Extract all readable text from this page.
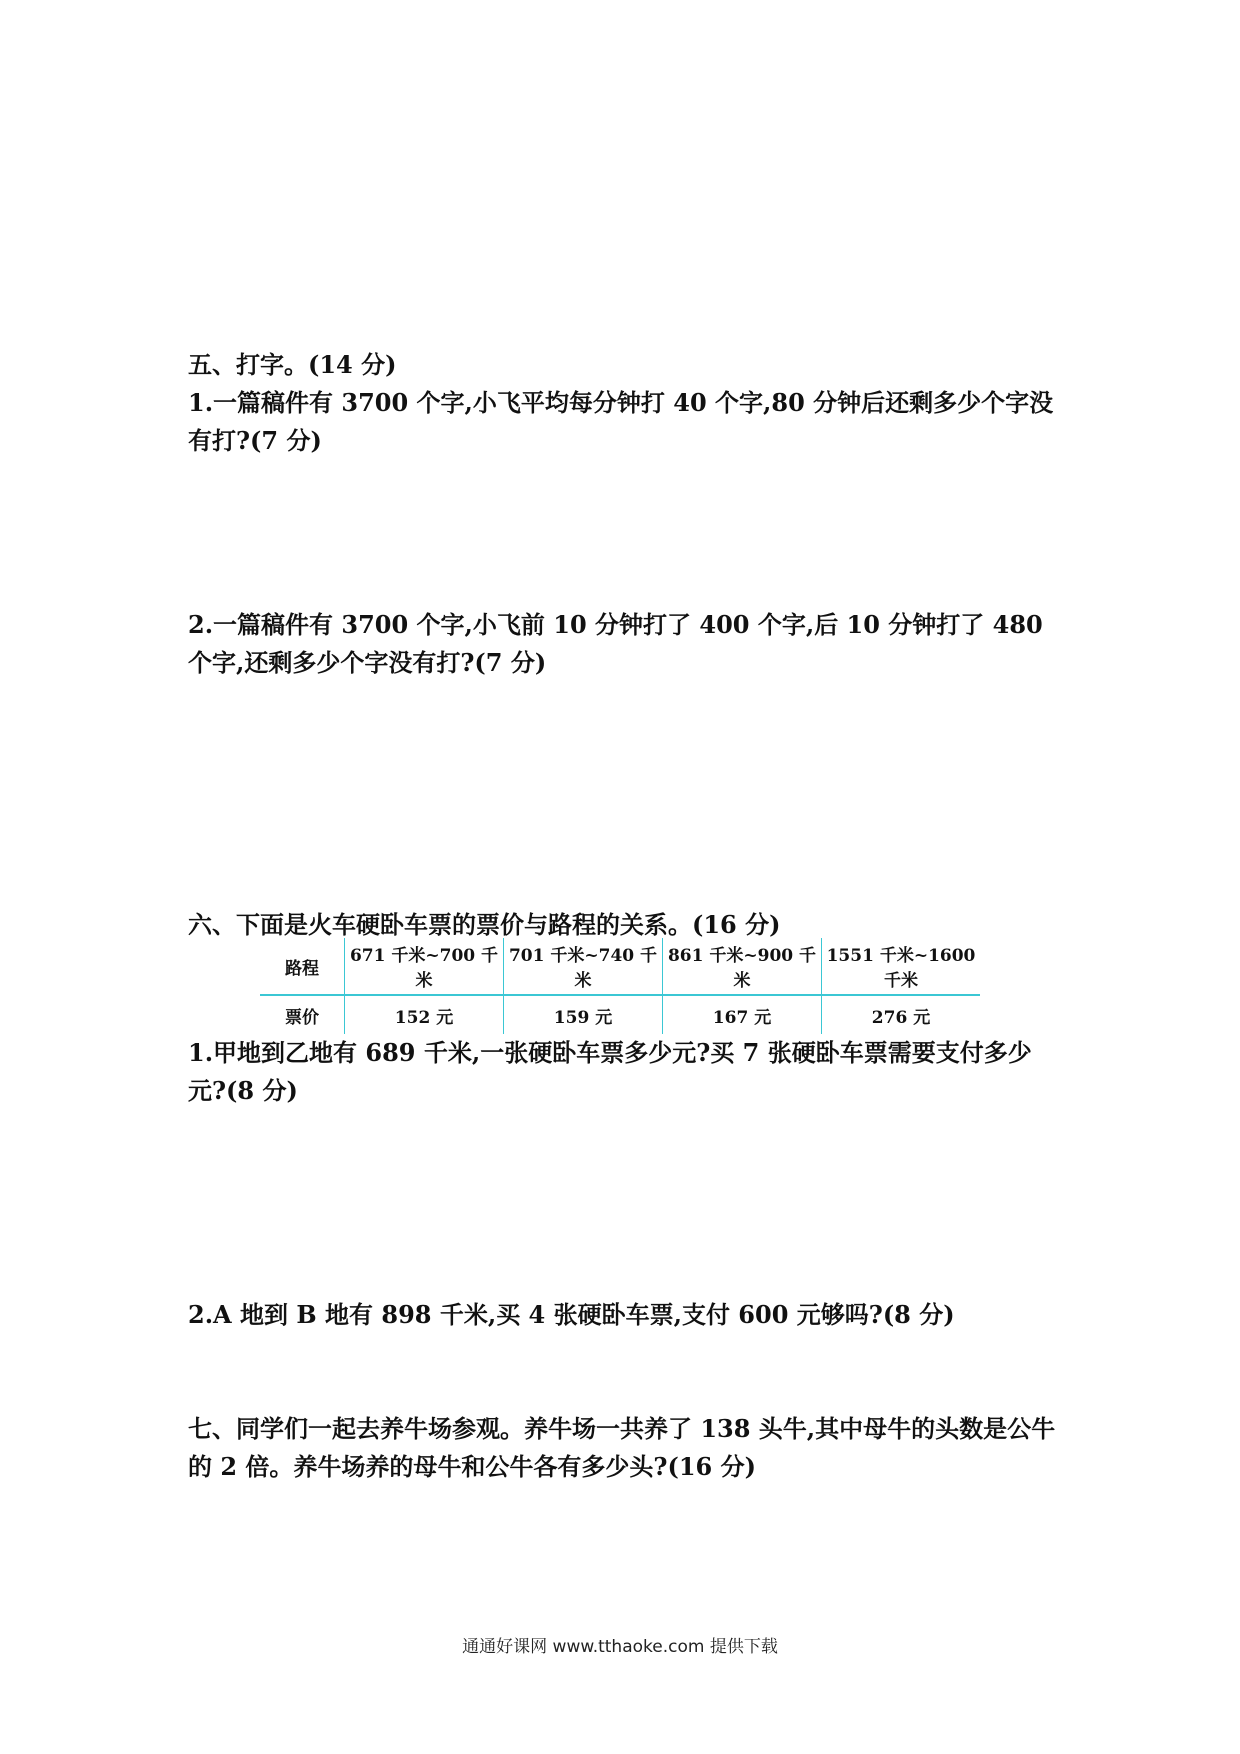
五、打字。(14 分)

1.一篇稿件有 3700 个字,小飞平均每分钟打 40 个字,80 分钟后还剩多少个字没有打?(7 分)

2.一篇稿件有 3700 个字,小飞前 10 分钟打了 400 个字,后 10 分钟打了 480 个字,还剩多少个字没有打?(7 分)

六、下面是火车硬卧车票的票价与路程的关系。(16 分)

路程	671 千米~700 千米	701 千米~740 千米	861 千米~900 千米	1551 千米~1600 千米
票价	152 元	159 元	167 元	276 元

1.甲地到乙地有 689 千米,一张硬卧车票多少元?买 7 张硬卧车票需要支付多少元?(8 分)

2.A 地到 B 地有 898 千米,买 4 张硬卧车票,支付 600 元够吗?(8 分)

七、同学们一起去养牛场参观。养牛场一共养了 138 头牛,其中母牛的头数是公牛的 2 倍。养牛场养的母牛和公牛各有多少头?(16 分)

通通好课网 www.tthaoke.com 提供下载
